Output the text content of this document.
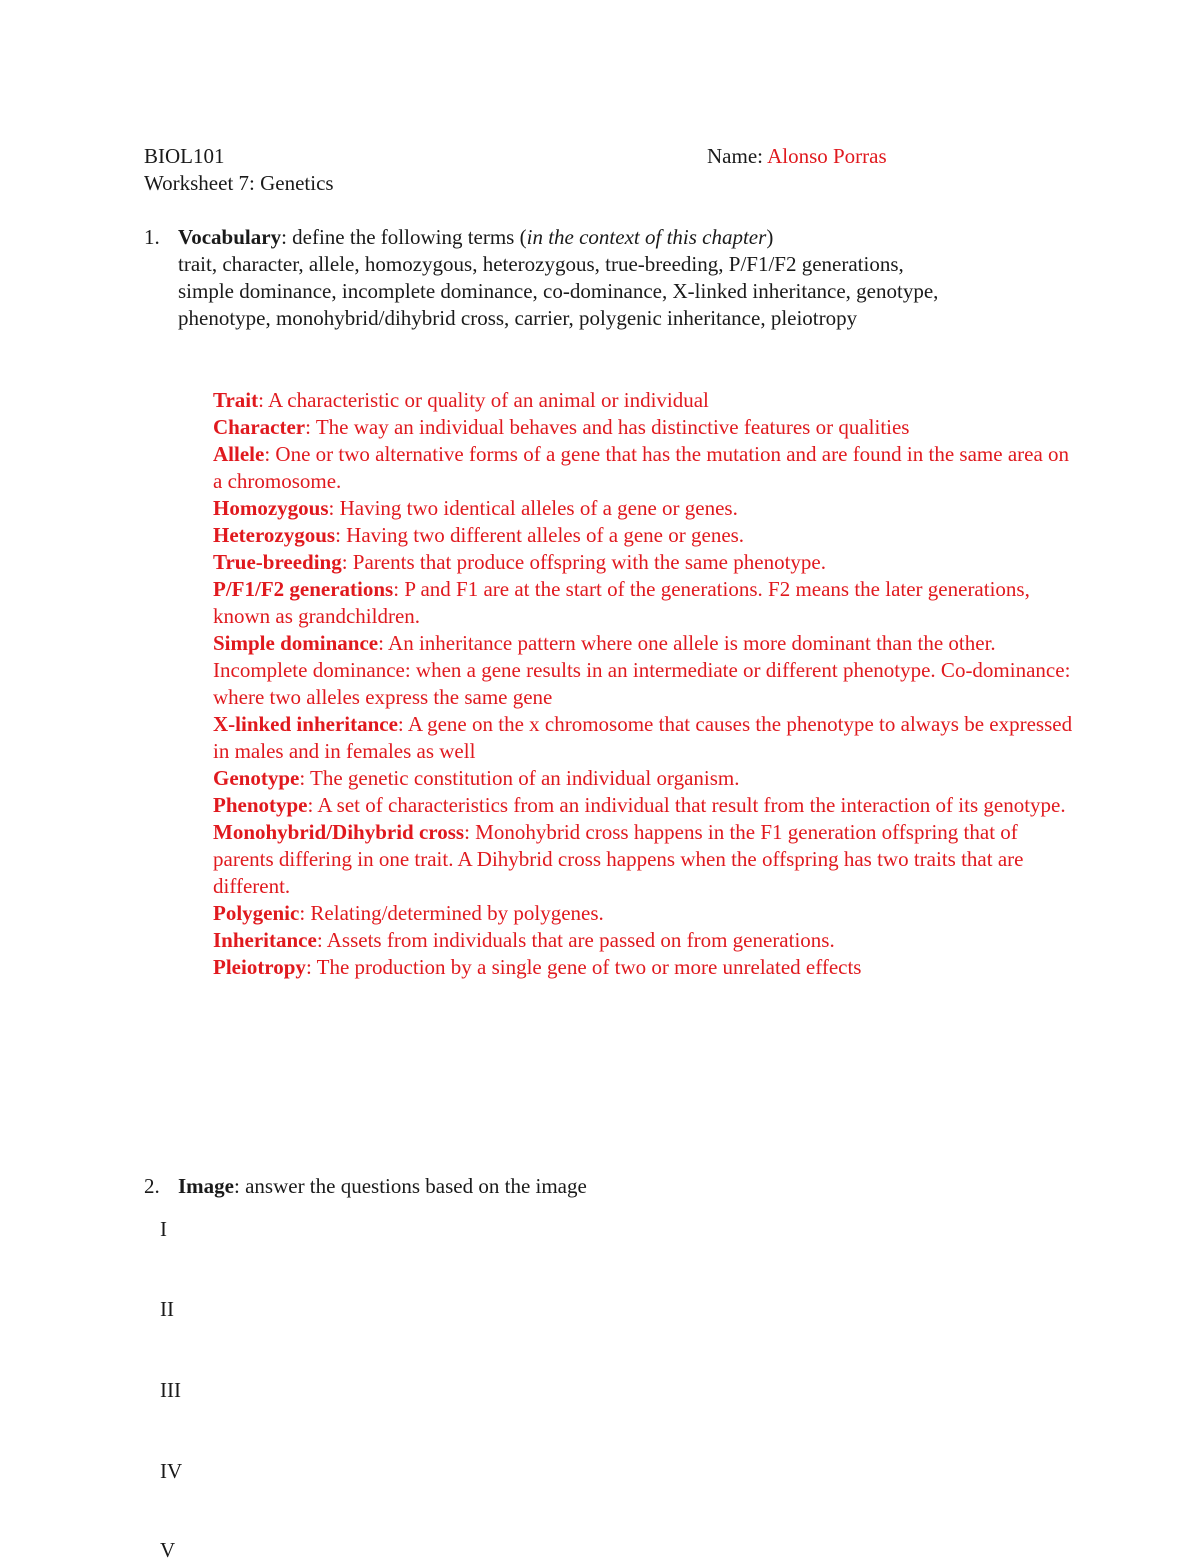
BIOL101	Name: Alonso Porras
Worksheet 7: Genetics
1. Vocabulary: define the following terms (in the context of this chapter)
trait, character, allele, homozygous, heterozygous, true-breeding, P/F1/F2 generations,
simple dominance, incomplete dominance, co-dominance, X-linked inheritance, genotype,
phenotype, monohybrid/dihybrid cross, carrier, polygenic inheritance, pleiotropy
Trait: A characteristic or quality of an animal or individual
Character: The way an individual behaves and has distinctive features or qualities
Allele: One or two alternative forms of a gene that has the mutation and are found in the same area on a chromosome.
Homozygous: Having two identical alleles of a gene or genes.
Heterozygous: Having two different alleles of a gene or genes.
True-breeding: Parents that produce offspring with the same phenotype.
P/F1/F2 generations: P and F1 are at the start of the generations. F2 means the later generations, known as grandchildren.
Simple dominance: An inheritance pattern where one allele is more dominant than the other. Incomplete dominance: when a gene results in an intermediate or different phenotype. Co-dominance: where two alleles express the same gene
X-linked inheritance: A gene on the x chromosome that causes the phenotype to always be expressed in males and in females as well
Genotype: The genetic constitution of an individual organism.
Phenotype: A set of characteristics from an individual that result from the interaction of its genotype.
Monohybrid/Dihybrid cross: Monohybrid cross happens in the F1 generation offspring that of parents differing in one trait. A Dihybrid cross happens when the offspring has two traits that are different.
Polygenic: Relating/determined by polygenes.
Inheritance: Assets from individuals that are passed on from generations.
Pleiotropy: The production by a single gene of two or more unrelated effects
2. Image: answer the questions based on the image
I
II
III
IV
V
